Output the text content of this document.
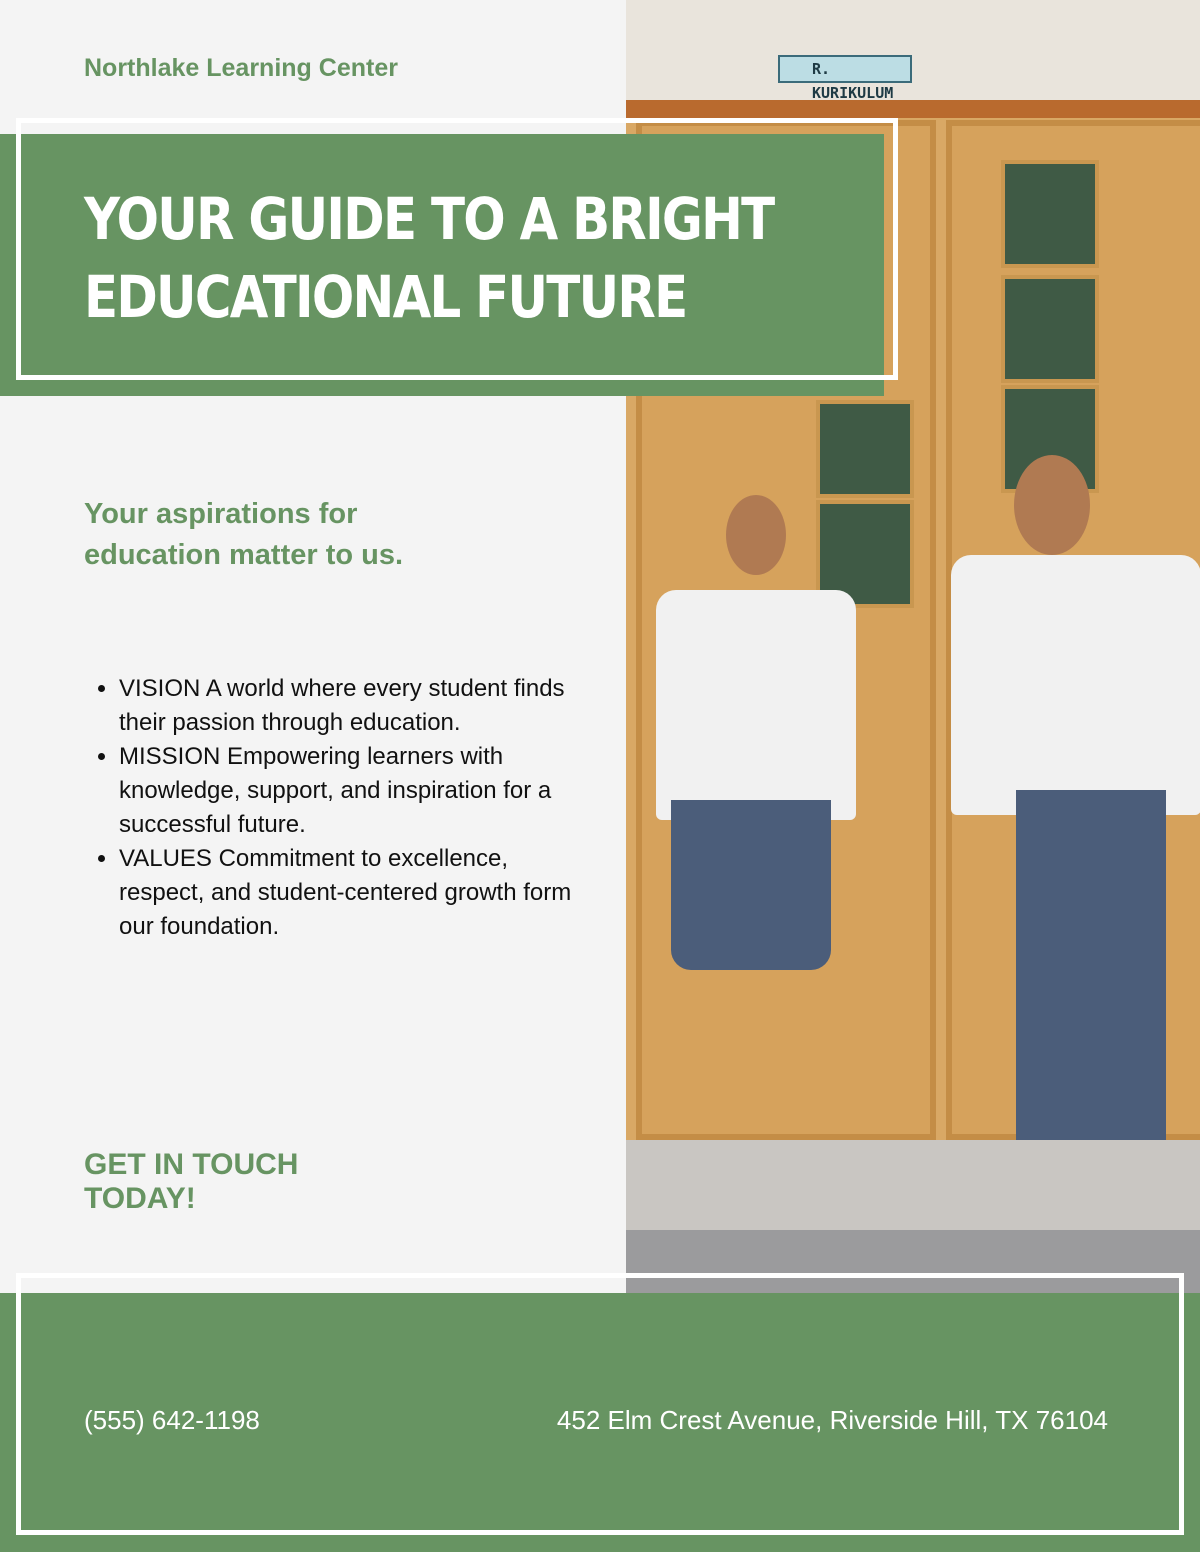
R. KURIKULUM
Northlake Learning Center
YOUR GUIDE TO A BRIGHT
EDUCATIONAL FUTURE
Your aspirations for
education matter to us.
• VISION A world where every student finds their passion through education.
• MISSION Empowering learners with knowledge, support, and inspiration for a successful future.
• VALUES Commitment to excellence, respect, and student-centered growth form our foundation.
GET IN TOUCH
TODAY!
(555) 642-1198	452 Elm Crest Avenue, Riverside Hill, TX 76104
